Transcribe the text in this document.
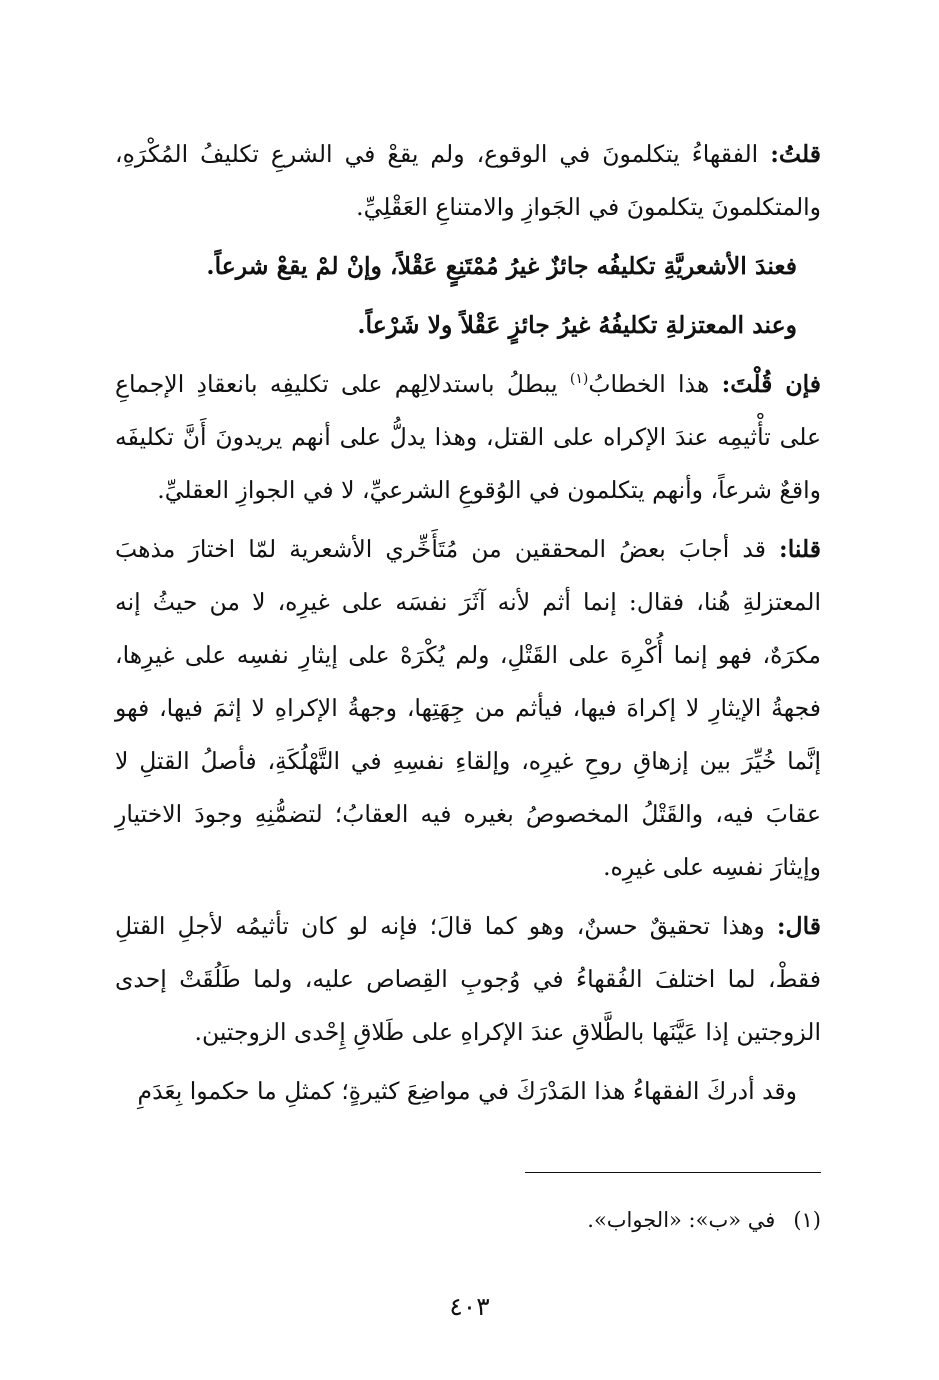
قلتُ: الفقهاءُ يتكلمونَ في الوقوع، ولم يقعْ في الشرعِ تكليفُ المُكْرَهِ، والمتكلمونَ يتكلمونَ في الجَوازِ والامتناعِ العَقْلِيِّ.

فعندَ الأشعريَّةِ تكليفُه جائزٌ غيرُ مُمْتَنِعٍ عَقْلاً، وإنْ لمْ يقعْ شرعاً.

وعند المعتزلةِ تكليفُهُ غيرُ جائزٍ عَقْلاً ولا شَرْعاً.

فإن قُلْتَ: هذا الخطابُ$^{(١)}$ يبطلُ باستدلالِهم على تكليفِه بانعقادِ الإجماعِ على تأْثيمِه عندَ الإكراه على القتل، وهذا يدلُّ على أنهم يريدونَ أَنَّ تكليفَه واقعٌ شرعاً، وأنهم يتكلمون في الوُقوعِ الشرعيِّ، لا في الجوازِ العقليِّ.

قلنا: قد أجابَ بعضُ المحققين من مُتَأَخِّري الأشعرية لمّا اختارَ مذهبَ المعتزلةِ هُنا، فقال: إنما أثم لأنه آثَرَ نفسَه على غيرِه، لا من حيثُ إنه مكرَهٌ، فهو إنما أُكْرِهَ على القَتْلِ، ولم يُكْرَهْ على إيثارِ نفسِه على غيرِها، فجهةُ الإيثارِ لا إكراهَ فيها، فيأثم من جِهَتِها، وجهةُ الإكراهِ لا إثمَ فيها، فهو إنَّما خُيِّرَ بين إزهاقِ روحِ غيرِه، وإلقاءِ نفسِهِ في التَّهْلُكَةِ، فأصلُ القتلِ لا عقابَ فيه، والقَتْلُ المخصوصُ بغيره فيه العقابُ؛ لتضمُّنِهِ وجودَ الاختيارِ وإيثارَ نفسِه على غيرِه.

قال: وهذا تحقيقٌ حسنٌ، وهو كما قالَ؛ فإنه لو كان تأثيمُه لأجلِ القتلِ فقطْ، لما اختلفَ الفُقهاءُ في وُجوبِ القِصاص عليه، ولما طَلُقَتْ إحدى الزوجتين إذا عَيَّنَها بالطَّلاقِ عندَ الإكراهِ على طَلاقِ إِحْدى الزوجتين.

وقد أدركَ الفقهاءُ هذا المَدْرَكَ في مواضِعَ كثيرةٍ؛ كمثلِ ما حكموا بِعَدَمِ

(١)في «ب»: «الجواب».
٤٠٣
